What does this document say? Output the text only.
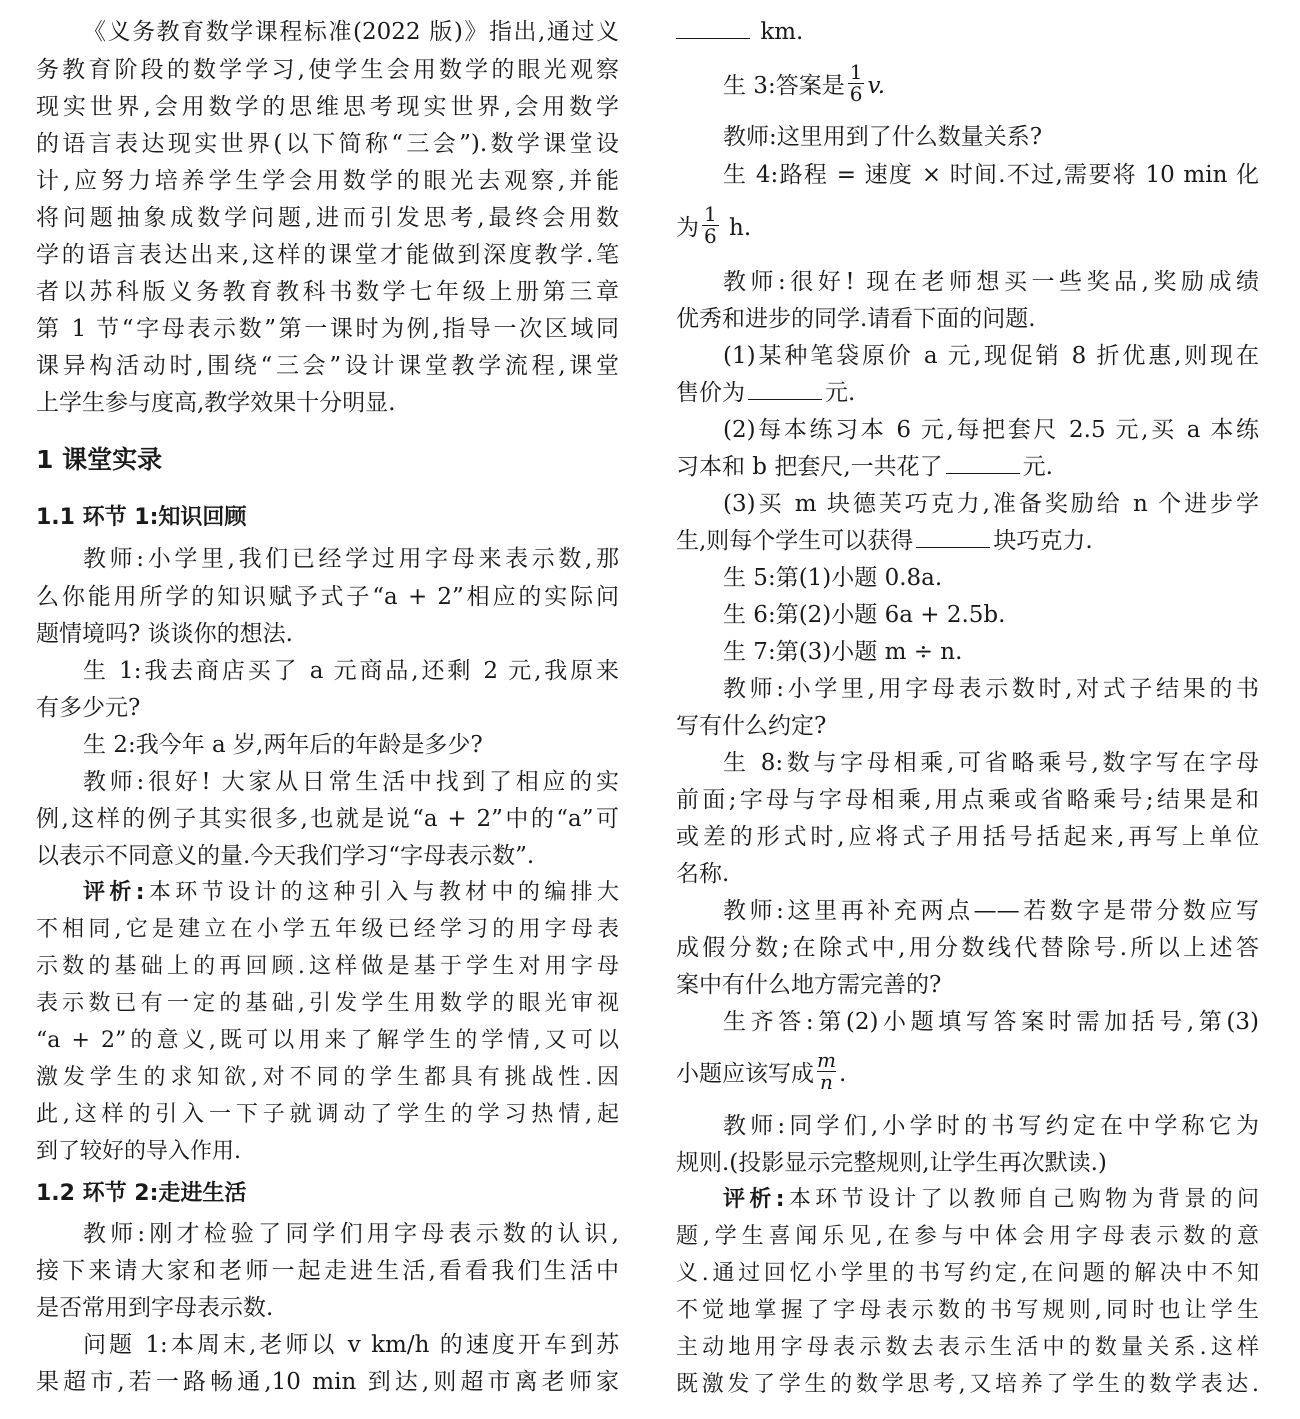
《义务教育数学课程标准(2022 版)》指出,通过义
务教育阶段的数学学习,使学生会用数学的眼光观察
现实世界,会用数学的思维思考现实世界,会用数学
的语言表达现实世界(以下简称“三会”).数学课堂设
计,应努力培养学生学会用数学的眼光去观察,并能
将问题抽象成数学问题,进而引发思考,最终会用数
学的语言表达出来,这样的课堂才能做到深度教学.笔
者以苏科版义务教育教科书数学七年级上册第三章
第 1 节“字母表示数”第一课时为例,指导一次区域同
课异构活动时,围绕“三会”设计课堂教学流程,课堂
上学生参与度高,教学效果十分明显.
1 课堂实录
1.1 环节 1:知识回顾
教师:小学里,我们已经学过用字母来表示数,那
么你能用所学的知识赋予式子“a + 2”相应的实际问
题情境吗? 谈谈你的想法.
生 1:我去商店买了 a 元商品,还剩 2 元,我原来
有多少元?
生 2:我今年 a 岁,两年后的年龄是多少?
教师:很好! 大家从日常生活中找到了相应的实
例,这样的例子其实很多,也就是说“a + 2”中的“a”可
以表示不同意义的量.今天我们学习“字母表示数”.
评析:本环节设计的这种引入与教材中的编排大
不相同,它是建立在小学五年级已经学习的用字母表
示数的基础上的再回顾.这样做是基于学生对用字母
表示数已有一定的基础,引发学生用数学的眼光审视
“a + 2”的意义,既可以用来了解学生的学情,又可以
激发学生的求知欲,对不同的学生都具有挑战性.因
此,这样的引入一下子就调动了学生的学习热情,起
到了较好的导入作用.
1.2 环节 2:走进生活
教师:刚才检验了同学们用字母表示数的认识,
接下来请大家和老师一起走进生活,看看我们生活中
是否常用到字母表示数.
问题 1:本周末,老师以 v km/h 的速度开车到苏
果超市,若一路畅通,10 min 到达,则超市离老师家
km.
生 3:答案是 $\frac{1}{6} v$.
教师:这里用到了什么数量关系?
生 4:路程 = 速度 × 时间.不过,需要将 10 min 化
为 $\frac{1}{6} h$.
教师:很好! 现在老师想买一些奖品,奖励成绩
优秀和进步的同学.请看下面的问题.
(1)某种笔袋原价 a 元,现促销 8 折优惠,则现在
售价为	元.
(2)每本练习本 6 元,每把套尺 2.5 元,买 a 本练
习本和 b 把套尺,一共花了	元.
(3)买 m 块德芙巧克力,准备奖励给 n 个进步学
生,则每个学生可以获得	块巧克力.
生 5:第(1)小题 0.8a.
生 6:第(2)小题 6a + 2.5b.
生 7:第(3)小题 m ÷ n.
教师:小学里,用字母表示数时,对式子结果的书
写有什么约定?
生 8:数与字母相乘,可省略乘号,数字写在字母
前面;字母与字母相乘,用点乘或省略乘号;结果是和
或差的形式时,应将式子用括号括起来,再写上单位
名称.
教师:这里再补充两点——若数字是带分数应写
成假分数;在除式中,用分数线代替除号.所以上述答
案中有什么地方需完善的?
生齐答:第(2)小题填写答案时需加括号,第(3)
小题应该写成 $\frac{m}{n}$ .
教师:同学们,小学时的书写约定在中学称它为
规则.(投影显示完整规则,让学生再次默读.)
评析:本环节设计了以教师自己购物为背景的问
题,学生喜闻乐见,在参与中体会用字母表示数的意
义.通过回忆小学里的书写约定,在问题的解决中不知
不觉地掌握了字母表示数的书写规则,同时也让学生
主动地用字母表示数去表示生活中的数量关系.这样
既激发了学生的数学思考,又培养了学生的数学表达.
